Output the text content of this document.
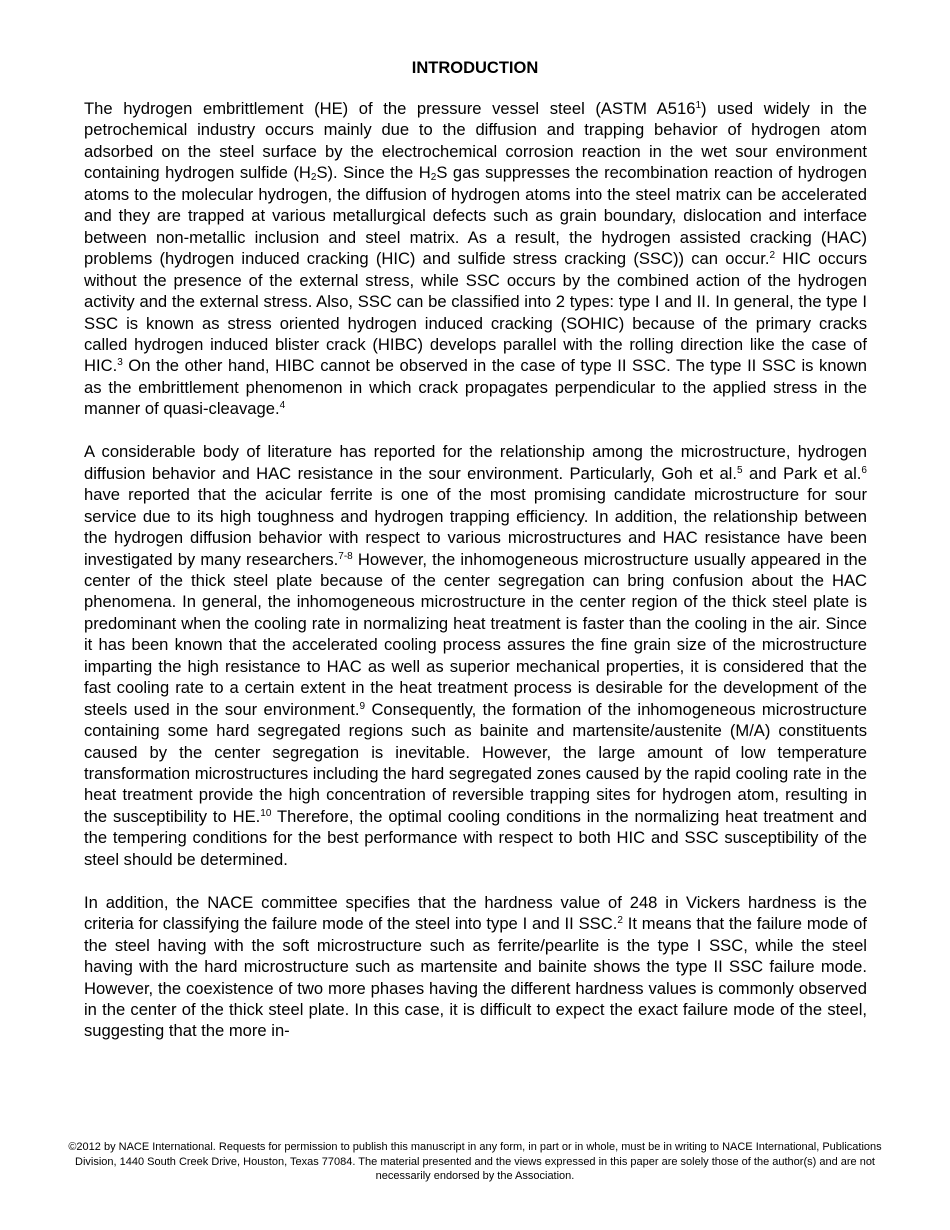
INTRODUCTION

The hydrogen embrittlement (HE) of the pressure vessel steel (ASTM $A516^1$) used widely in the petrochemical industry occurs mainly due to the diffusion and trapping behavior of hydrogen atom adsorbed on the steel surface by the electrochemical corrosion reaction in the wet sour environment containing hydrogen sulfide $(H_2S)$. Since the $H_2S$ gas suppresses the recombination reaction of hydrogen atoms to the molecular hydrogen, the diffusion of hydrogen atoms into the steel matrix can be accelerated and they are trapped at various metallurgical defects such as grain boundary, dislocation and interface between non-metallic inclusion and steel matrix. As a result, the hydrogen assisted cracking (HAC) problems (hydrogen induced cracking (HIC) and sulfide stress cracking (SSC)) can occur.$^2$ HIC occurs without the presence of the external stress, while SSC occurs by the combined action of the hydrogen activity and the external stress. Also, SSC can be classified into 2 types: type I and II. In general, the type I SSC is known as stress oriented hydrogen induced cracking (SOHIC) because of the primary cracks called hydrogen induced blister crack (HIBC) develops parallel with the rolling direction like the case of HIC.$^3$ On the other hand, HIBC cannot be observed in the case of type II SSC. The type II SSC is known as the embrittlement phenomenon in which crack propagates perpendicular to the applied stress in the manner of quasi-cleavage.$^4$

A considerable body of literature has reported for the relationship among the microstructure, hydrogen diffusion behavior and HAC resistance in the sour environment. Particularly, Goh et al.$^5$ and Park et al.$^6$ have reported that the acicular ferrite is one of the most promising candidate microstructure for sour service due to its high toughness and hydrogen trapping efficiency. In addition, the relationship between the hydrogen diffusion behavior with respect to various microstructures and HAC resistance have been investigated by many researchers.$^{7-8}$ However, the inhomogeneous microstructure usually appeared in the center of the thick steel plate because of the center segregation can bring confusion about the HAC phenomena. In general, the inhomogeneous microstructure in the center region of the thick steel plate is predominant when the cooling rate in normalizing heat treatment is faster than the cooling in the air. Since it has been known that the accelerated cooling process assures the fine grain size of the microstructure imparting the high resistance to HAC as well as superior mechanical properties, it is considered that the fast cooling rate to a certain extent in the heat treatment process is desirable for the development of the steels used in the sour environment.$^9$ Consequently, the formation of the inhomogeneous microstructure containing some hard segregated regions such as bainite and martensite/austenite (M/A) constituents caused by the center segregation is inevitable. However, the large amount of low temperature transformation microstructures including the hard segregated zones caused by the rapid cooling rate in the heat treatment provide the high concentration of reversible trapping sites for hydrogen atom, resulting in the susceptibility to HE.$^{10}$ Therefore, the optimal cooling conditions in the normalizing heat treatment and the tempering conditions for the best performance with respect to both HIC and SSC susceptibility of the steel should be determined.

In addition, the NACE committee specifies that the hardness value of 248 in Vickers hardness is the criteria for classifying the failure mode of the steel into type I and II SSC.$^2$ It means that the failure mode of the steel having with the soft microstructure such as ferrite/pearlite is the type I SSC, while the steel having with the hard microstructure such as martensite and bainite shows the type II SSC failure mode. However, the coexistence of two more phases having the different hardness values is commonly observed in the center of the thick steel plate. In this case, it is difficult to expect the exact failure mode of the steel, suggesting that the more in-

©2012 by NACE International. Requests for permission to publish this manuscript in any form, in part or in whole, must be in writing to NACE International, Publications Division, 1440 South Creek Drive, Houston, Texas 77084. The material presented and the views expressed in this paper are solely those of the author(s) and are not necessarily endorsed by the Association.
